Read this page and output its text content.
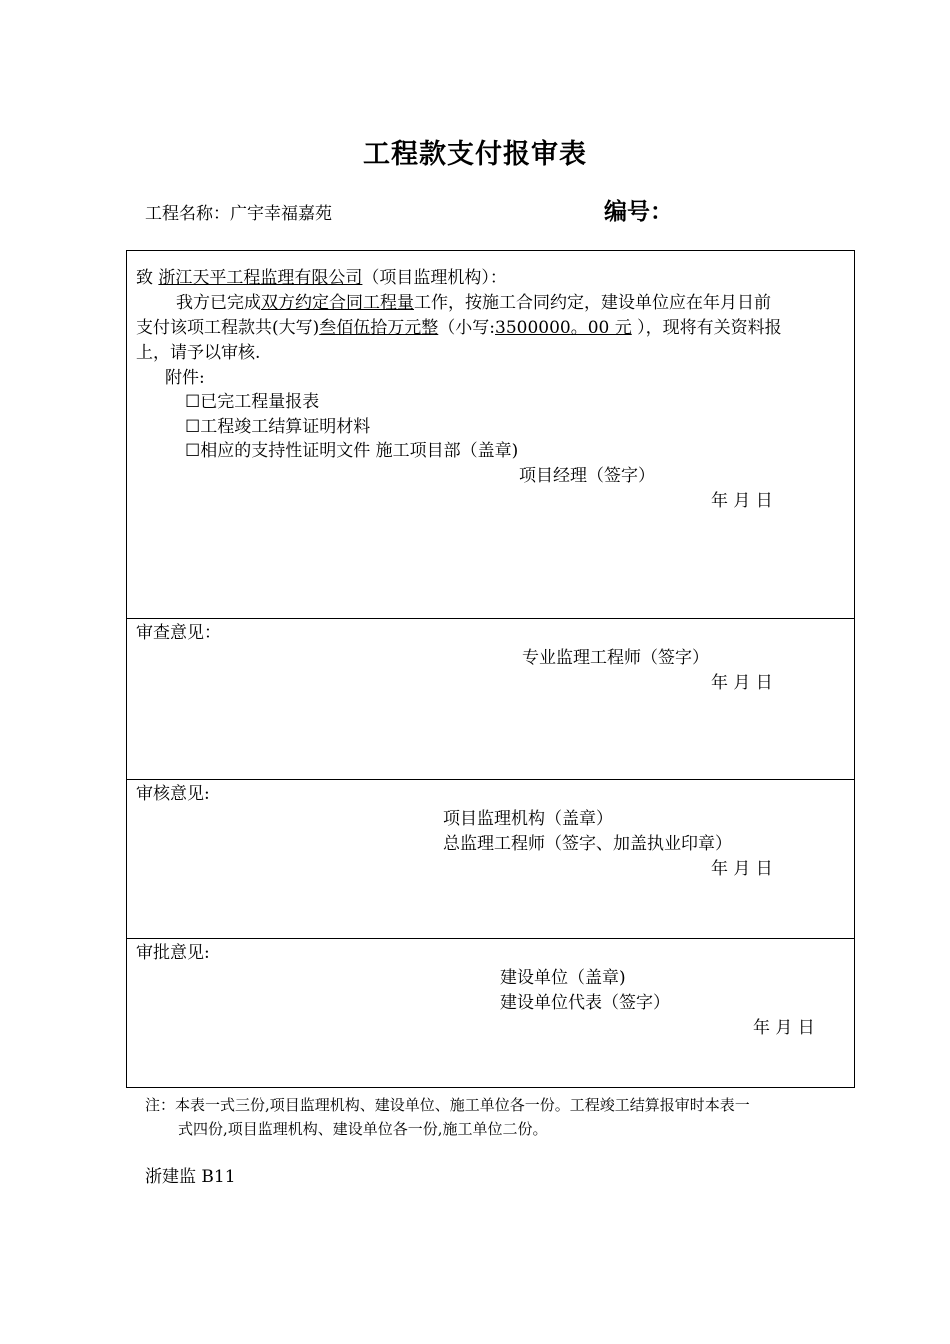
工程款支付报审表
工程名称：广宇幸福嘉苑	编号：
致 浙江天平工程监理有限公司（项目监理机构）：
我方已完成双方约定合同工程量工作，按施工合同约定，建设单位应在年月日前
支付该项工程款共(大写)叁佰伍拾万元整（小写:3500000。00 元 ），现将有关资料报
上，请予以审核.
附件:
☐已完工程量报表
☐工程竣工结算证明材料
☐相应的支持性证明文件 施工项目部（盖章)
项目经理（签字）
年 月 日
审查意见：
专业监理工程师（签字）
年 月 日
审核意见:
项目监理机构（盖章）
总监理工程师（签字、加盖执业印章）
年 月 日
审批意见:
建设单位（盖章)
建设单位代表（签字）
年 月 日
注：本表一式三份,项目监理机构、建设单位、施工单位各一份。工程竣工结算报审时本表一
式四份,项目监理机构、建设单位各一份,施工单位二份。
浙建监 B11
